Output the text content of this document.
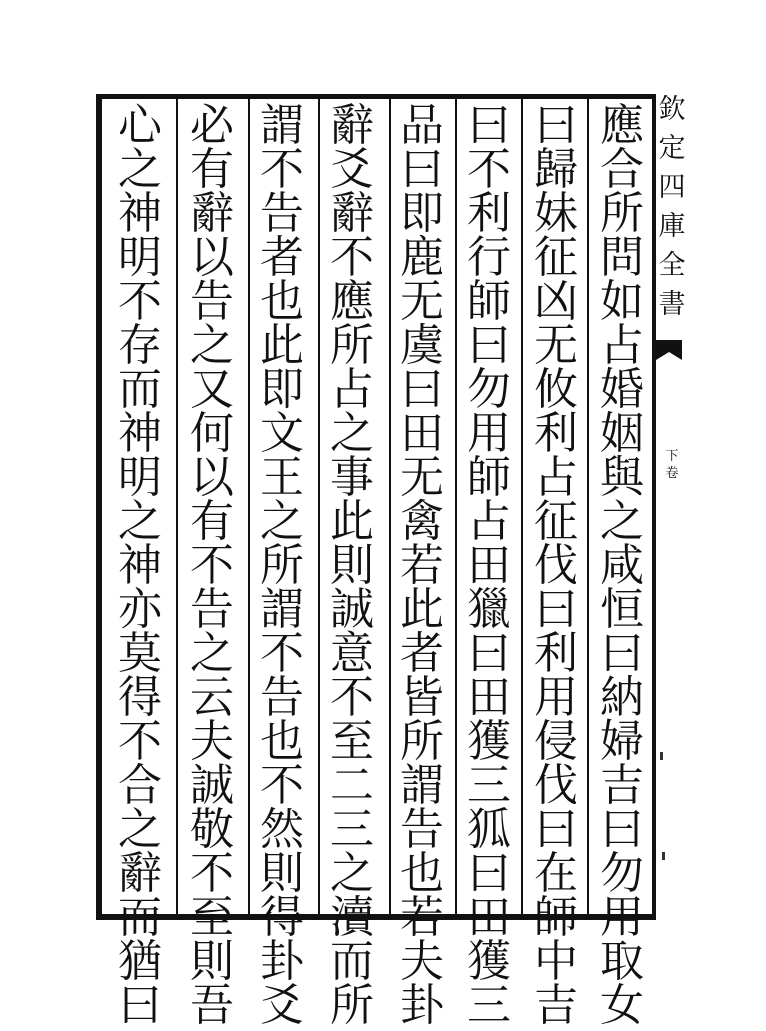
應
合
所
問
如
占
婚
姻
與
之
咸
恒
曰
納
婦
吉
曰
勿
用
取
女
曰
歸
妹
征
凶
无
攸
利
占
征
伐
曰
利
用
侵
伐
曰
在
師
中
吉
曰
不
利
行
師
曰
勿
用
師
占
田
獵
曰
田
獲
三
狐
曰
田
獲
三
品
曰
即
鹿
无
虞
曰
田
无
禽
若
此
者
皆
所
謂
告
也
若
夫
卦
辭
爻
辭
不
應
所
占
之
事
此
則
誠
意
不
至
二
三
之
瀆
而
所
謂
不
告
者
也
此
即
文
王
之
所
謂
不
告
也
不
然
則
得
卦
爻
必
有
辭
以
告
之
又
何
以
有
不
告
之
云
夫
誠
敬
不
至
則
吾
心
之
神
明
不
存
而
神
明
之
神
亦
莫
得
不
合
之
辭
而
猶
曰
欽
定
四
庫
全
書
下
卷
